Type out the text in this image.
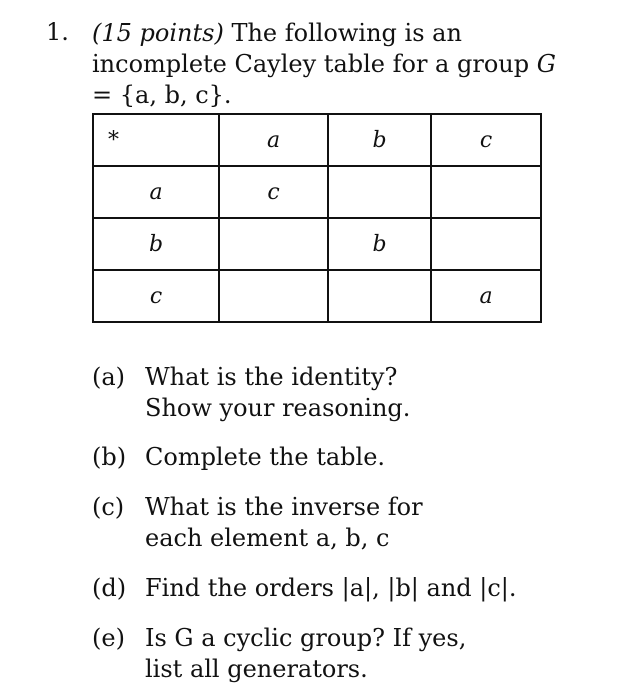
1. (15 points) The following is an incomplete Cayley table for a group G
= {a, b, c}.
*	a	b	c
a	c		
b		b	
c			a
(a) What is the identity? Show your reasoning.
(b) Complete the table.
(c) What is the inverse for each element a, b, c
(d) Find the orders |a|, |b| and |c|.
(e) Is G a cyclic group? If yes, list all generators.
